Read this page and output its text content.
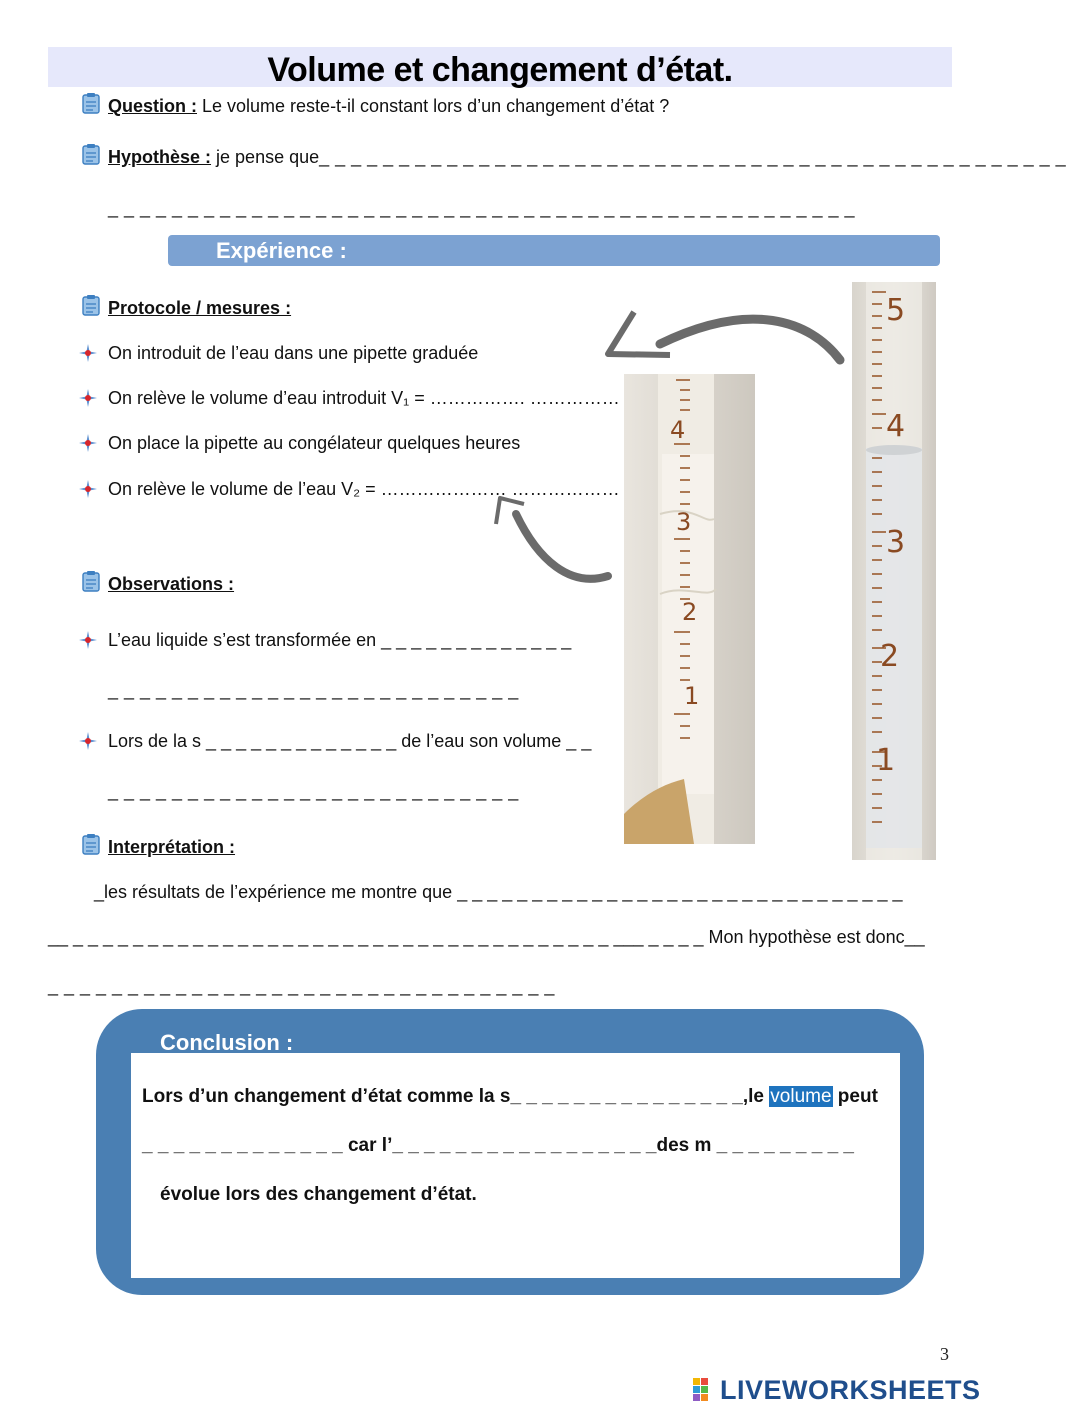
Volume et changement d’état.
Question : Le volume reste-t-il constant lors d’un changement d’état ?
Hypothèse : je pense que_ _ _ _ _ _ _ _ _ _ _ _ _ _ _ _ _ _ _ _ _ _ _ _ _ _ _ _ _ _ _ _ _ _ _ _ _ _ _ _ _ _ _ _ _ _ _
_ _ _ _ _ _ _ _ _ _ _ _ _ _ _ _ _ _ _ _ _ _ _ _ _ _ _ _ _ _ _ _ _ _ _ _ _ _ _ _ _ _ _ _ _ _ _
Expérience :
Protocole / mesures :
On introduit de l’eau dans une pipette graduée
On relève le volume d’eau introduit V₁ = ……………. ……………
On place la pipette au congélateur quelques heures
On relève le volume de l’eau V₂ = ………………… ………………
4
3
2
1
5
4
3
2
1
Observations :
L’eau liquide s’est transformée en _ _ _ _ _ _ _ _ _ _ _ _ _
_ _ _ _ _ _ _ _ _ _ _ _ _ _ _ _ _ _ _ _ _ _ _ _ _ _
Lors de la s _ _ _ _ _ _ _ _ _ _ _ _ _ de l’eau son volume _ _
_ _ _ _ _ _ _ _ _ _ _ _ _ _ _ _ _ _ _ _ _ _ _ _ _ _
Interprétation :
_les résultats de l’expérience me montre que _ _ _ _ _ _ _ _ _ _ _ _ _ _ _ _ _ _ _ _ _ _ _ _ _ _ _ _ _ _
__ _ _ _ _ _ _ _ _ _ _ _ _ _ _ _ _ _ _ _ _ _ _ _ _ _ _ _ _ _ _ _ _ _ _ _ _ ___ _ _ _ _ Mon hypothèse est donc__
_ _ _ _ _ _ _ _ _ _ _ _ _ _ _ _ _ _ _ _ _ _ _ _ _ _ _ _ _ _ _ _
Conclusion :
Lors d’un changement d’état comme la s_ _ _ _ _ _ _ _ _ _ _ _ _ _ _,le volume peut
_ _ _ _ _ _ _ _ _ _ _ _ _ car l’_ _ _ _ _ _ _ _ _ _ _ _ _ _ _ _ _des m _ _ _ _ _ _ _ _ _
évolue lors des changement d’état.
3
LIVEWORKSHEETS
